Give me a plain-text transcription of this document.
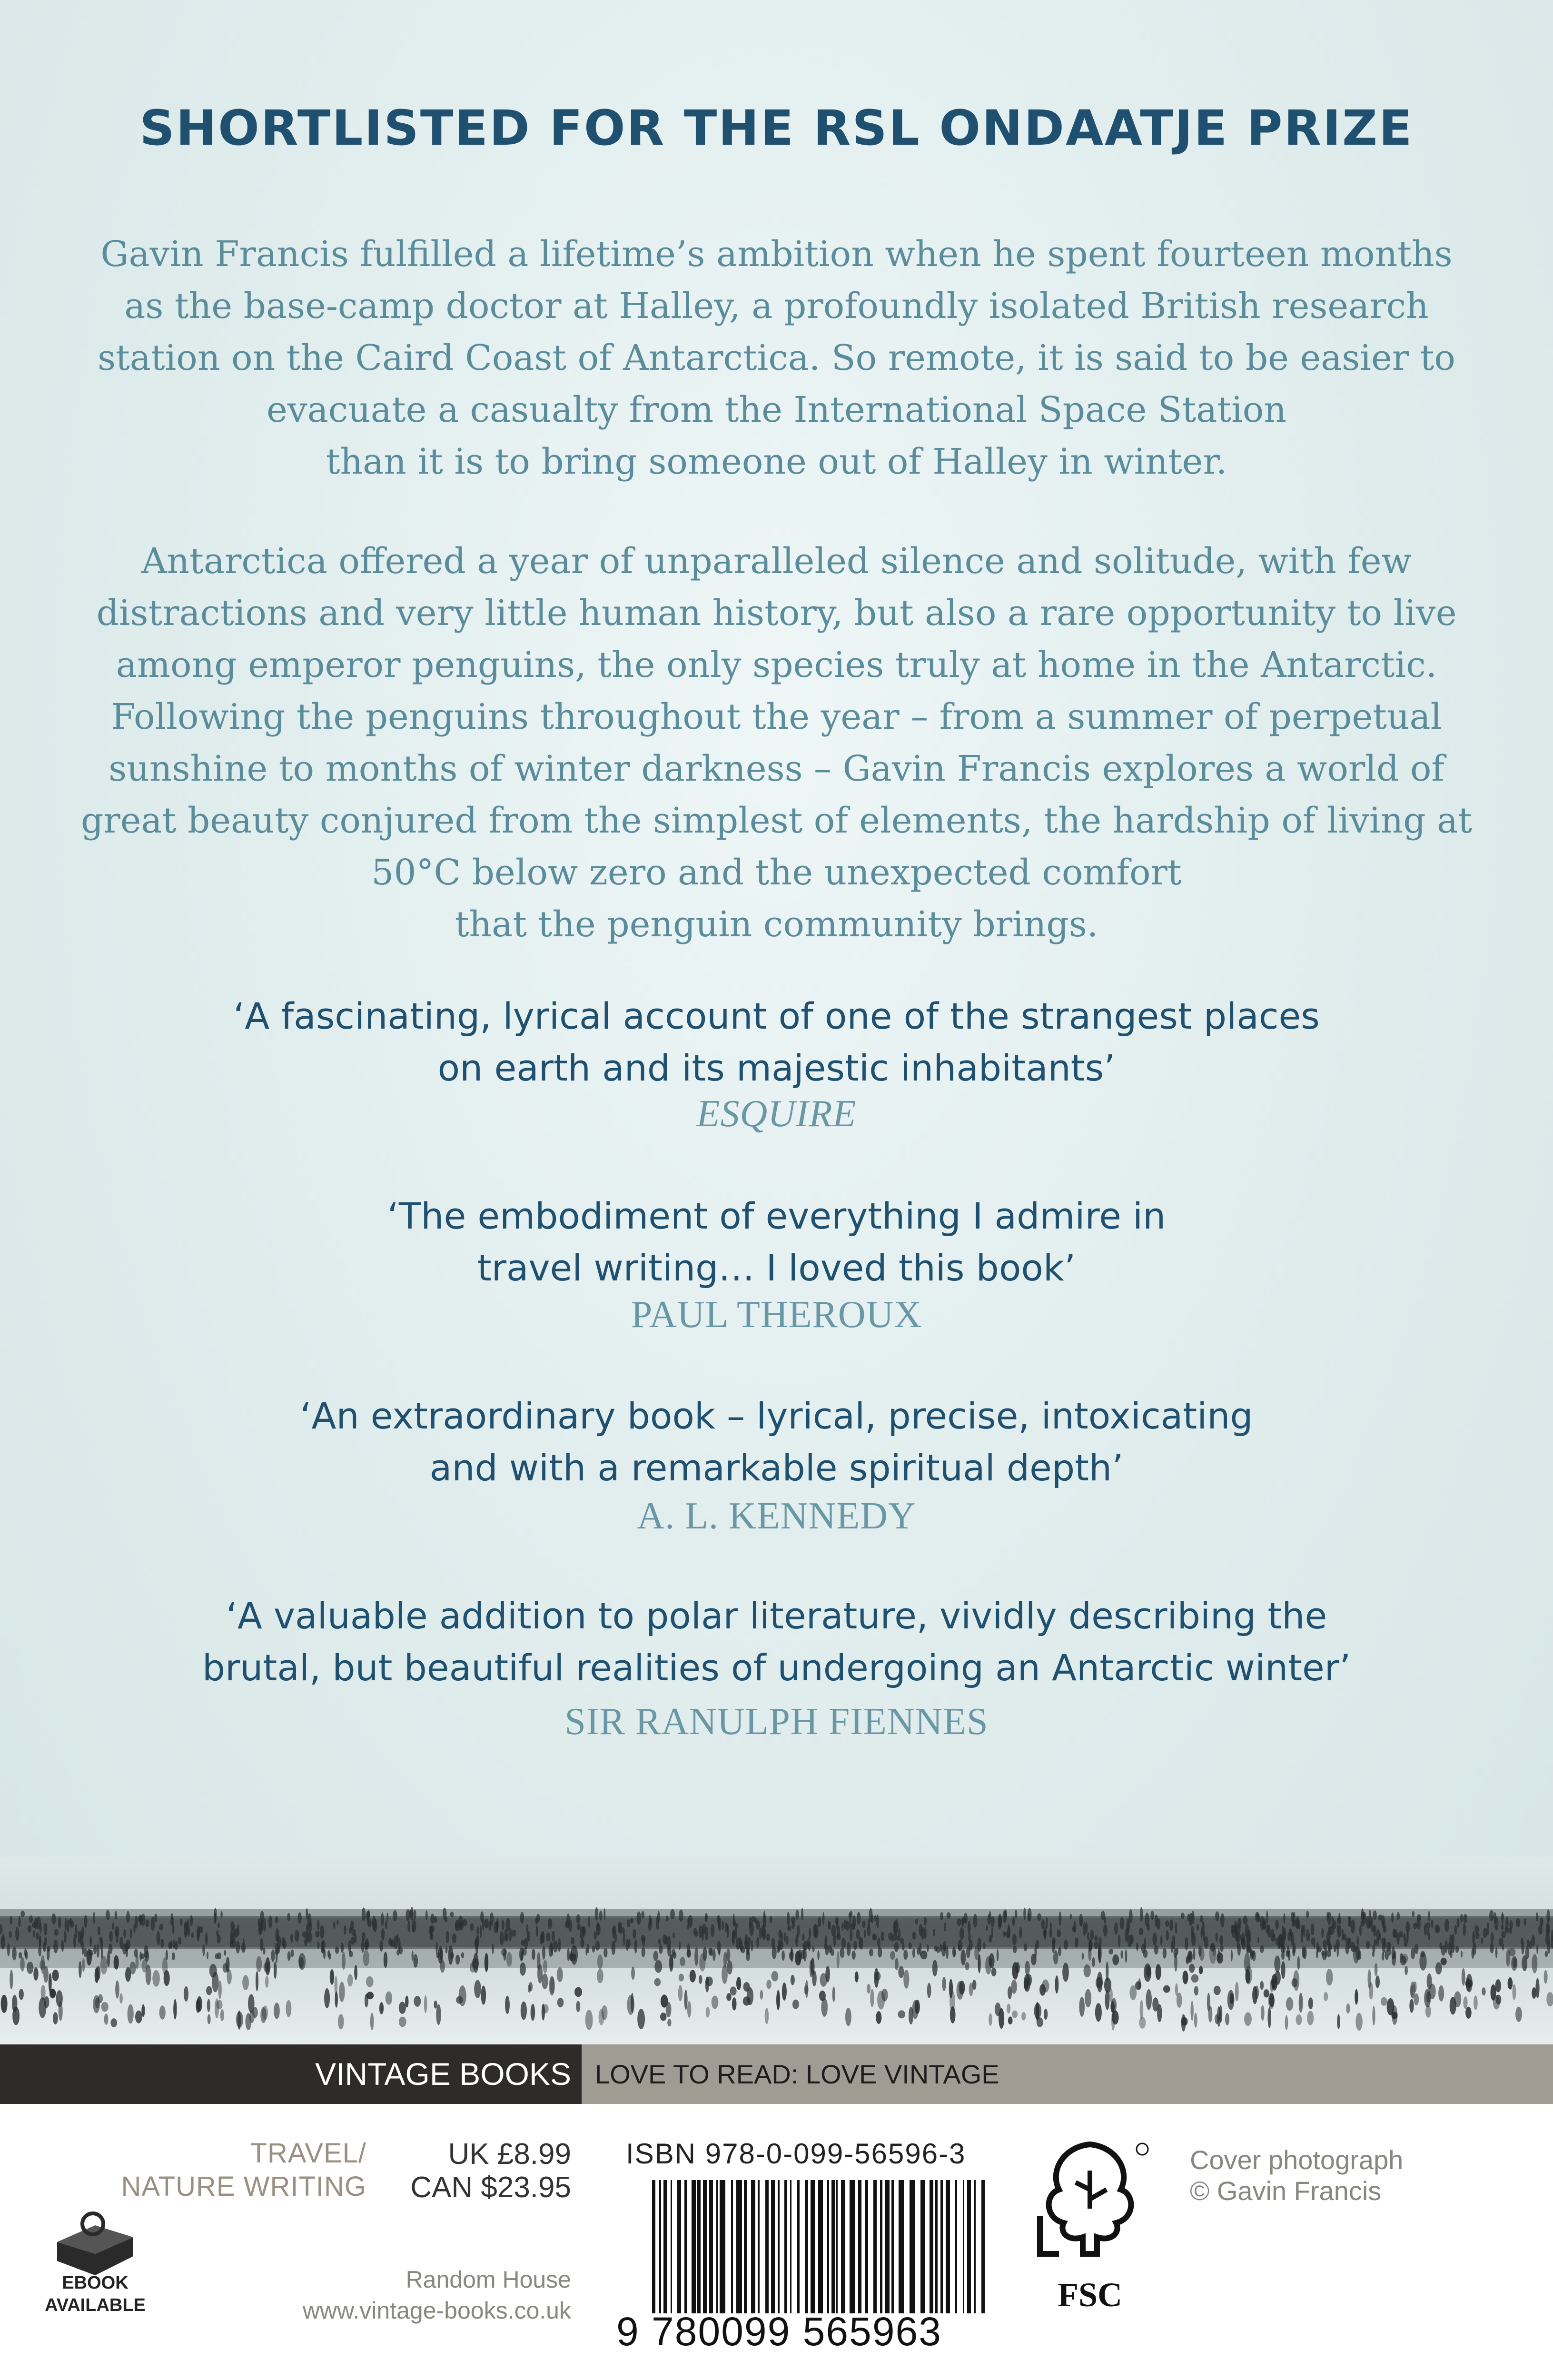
SHORTLISTED FOR THE RSL ONDAATJE PRIZE

Gavin Francis fulfilled a lifetime’s ambition when he spent fourteen months
as the base-camp doctor at Halley, a profoundly isolated British research
station on the Caird Coast of Antarctica. So remote, it is said to be easier to
evacuate a casualty from the International Space Station
than it is to bring someone out of Halley in winter.

Antarctica offered a year of unparalleled silence and solitude, with few
distractions and very little human history, but also a rare opportunity to live
among emperor penguins, the only species truly at home in the Antarctic.
Following the penguins throughout the year – from a summer of perpetual
sunshine to months of winter darkness – Gavin Francis explores a world of
great beauty conjured from the simplest of elements, the hardship of living at
50°C below zero and the unexpected comfort
that the penguin community brings.

‘A fascinating, lyrical account of one of the strangest places
on earth and its majestic inhabitants’

ESQUIRE

‘The embodiment of everything I admire in
travel writing… I loved this book’

PAUL THEROUX

‘An extraordinary book – lyrical, precise, intoxicating
and with a remarkable spiritual depth’

A. L. KENNEDY

‘A valuable addition to polar literature, vividly describing the
brutal, but beautiful realities of undergoing an Antarctic winter’

SIR RANULPH FIENNES

VINTAGE BOOKS LOVE TO READ: LOVE VINTAGE
TRAVEL/
NATURE WRITING
UK £8.99
CAN $23.95
EBOOK
AVAILABLE
Random House
www.vintage-books.co.uk
ISBN 978-0-099-56596-3
9 780099 565963
FSC
Cover photograph
© Gavin Francis
